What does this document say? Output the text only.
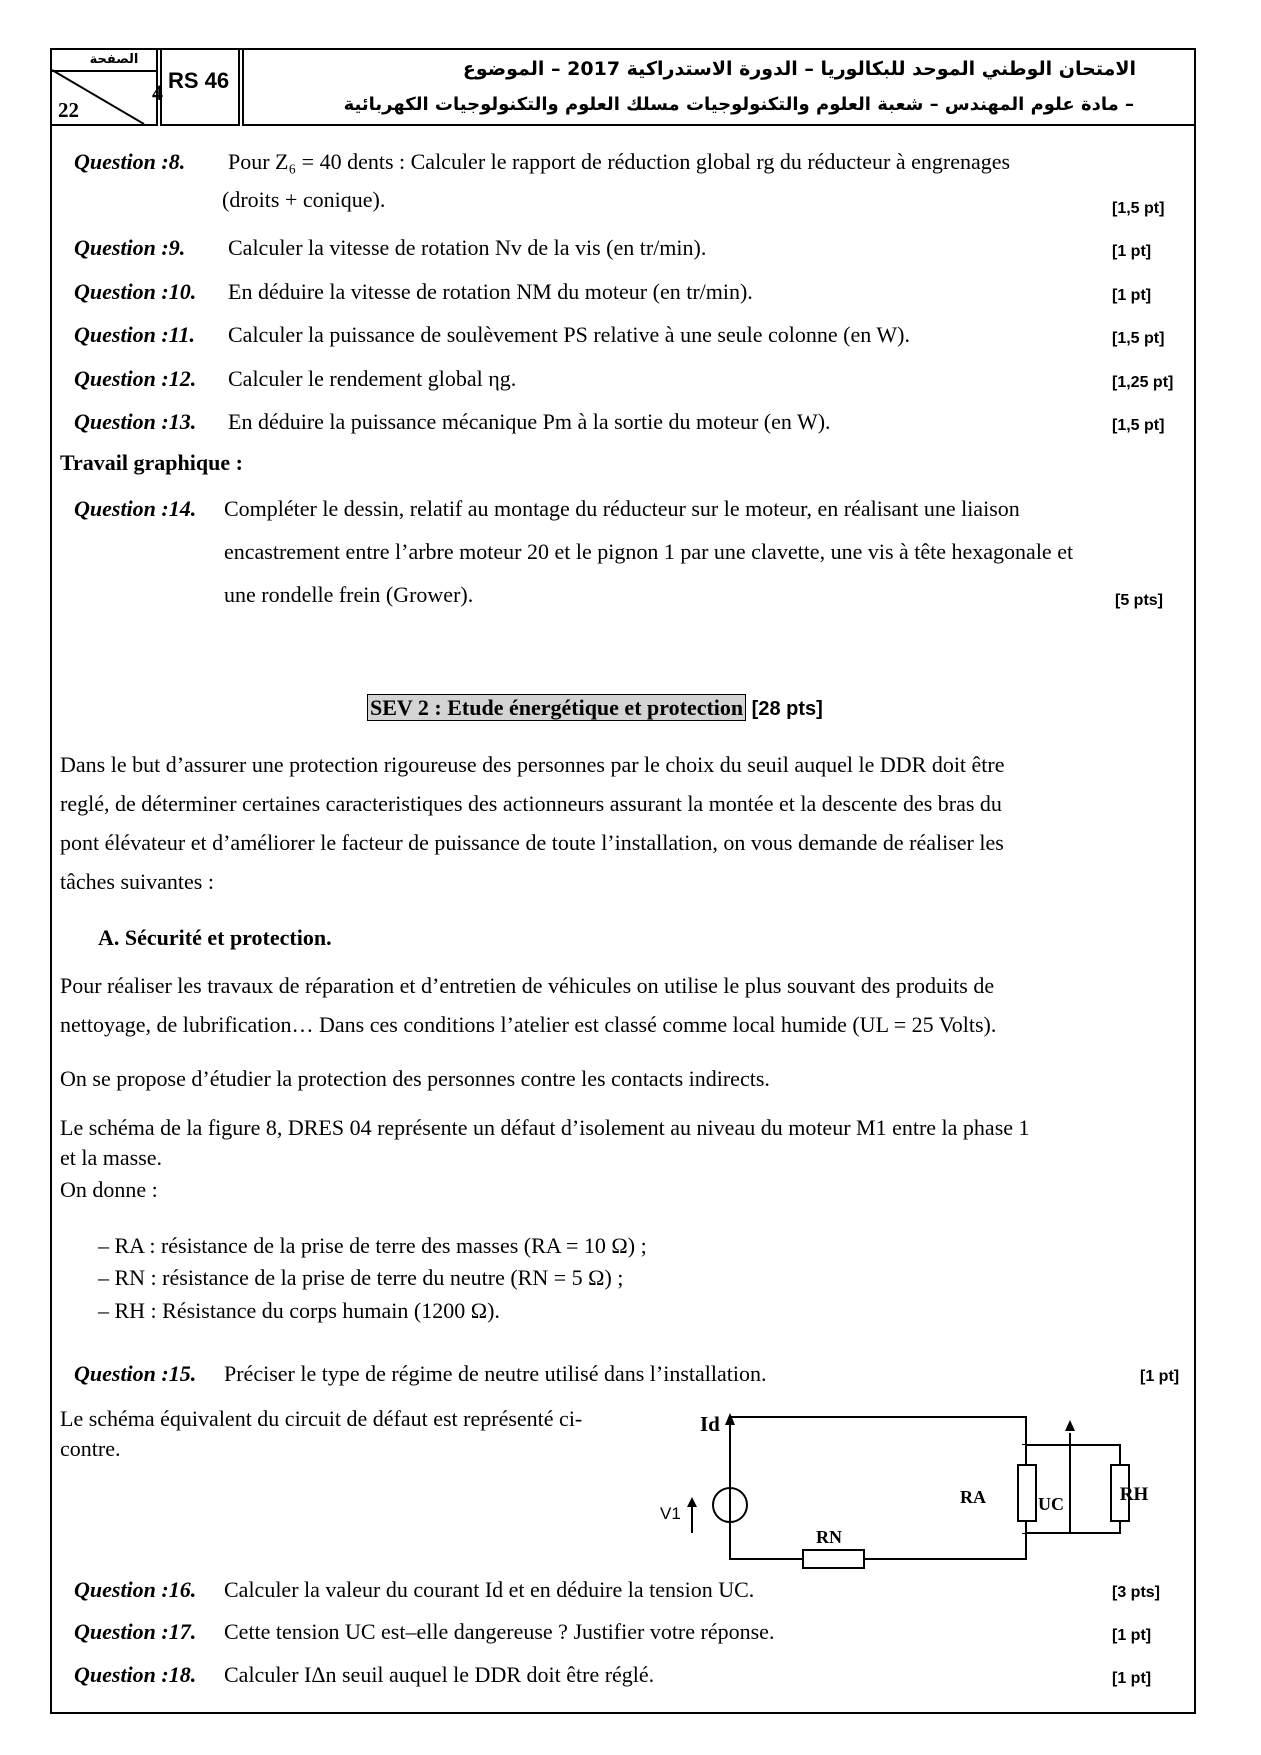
الصفحة
4
22
RS 46	الامتحان الوطني الموحد للبكالوريا – الدورة الاستدراكية 2017 – الموضوع
– مادة علوم المهندس – شعبة العلوم والتكنولوجيات مسلك العلوم والتكنولوجيات الكهربائية
Question :8. Pour Z₆ = 40 dents : Calculer le rapport de réduction global rg du réducteur à engrenages
(droits + conique).	[1,5 pt]
Question :9. Calculer la vitesse de rotation Nv de la vis (en tr/min).	[1 pt]
Question :10. En déduire la vitesse de rotation NM du moteur (en tr/min).	[1 pt]
Question :11. Calculer la puissance de soulèvement PS relative à une seule colonne (en W).	[1,5 pt]
Question :12. Calculer le rendement global ηg.	[1,25 pt]
Question :13. En déduire la puissance mécanique Pm à la sortie du moteur (en W).	[1,5 pt]
Travail graphique :
Question :14. Compléter le dessin, relatif au montage du réducteur sur le moteur, en réalisant une liaison
encastrement entre l’arbre moteur 20 et le pignon 1 par une clavette, une vis à tête hexagonale et
une rondelle frein (Grower).	[5 pts]
SEV 2 : Etude énergétique et protection [28 pts]
Dans le but d’assurer une protection rigoureuse des personnes par le choix du seuil auquel le DDR doit être
reglé, de déterminer certaines caracteristiques des actionneurs assurant la montée et la descente des bras du
pont élévateur et d’améliorer le facteur de puissance de toute l’installation, on vous demande de réaliser les
tâches suivantes :
A. Sécurité et protection.
Pour réaliser les travaux de réparation et d’entretien de véhicules on utilise le plus souvant des produits de
nettoyage, de lubrification… Dans ces conditions l’atelier est classé comme local humide (UL = 25 Volts).
On se propose d’étudier la protection des personnes contre les contacts indirects.
Le schéma de la figure 8, DRES 04 représente un défaut d’isolement au niveau du moteur M1 entre la phase 1
et la masse.
On donne :
– RA : résistance de la prise de terre des masses (RA = 10 Ω) ;
– RN : résistance de la prise de terre du neutre (RN = 5 Ω) ;
– RH : Résistance du corps humain (1200 Ω).
Question :15. Préciser le type de régime de neutre utilisé dans l’installation.	[1 pt]
Le schéma équivalent du circuit de défaut est représenté ci-
contre.
Id
V1
RA	UC	RH
RN
Question :16. Calculer la valeur du courant Id et en déduire la tension UC.	[3 pts]
Question :17. Cette tension UC est–elle dangereuse ? Justifier votre réponse.	[1 pt]
Question :18. Calculer IΔn seuil auquel le DDR doit être réglé.	[1 pt]
